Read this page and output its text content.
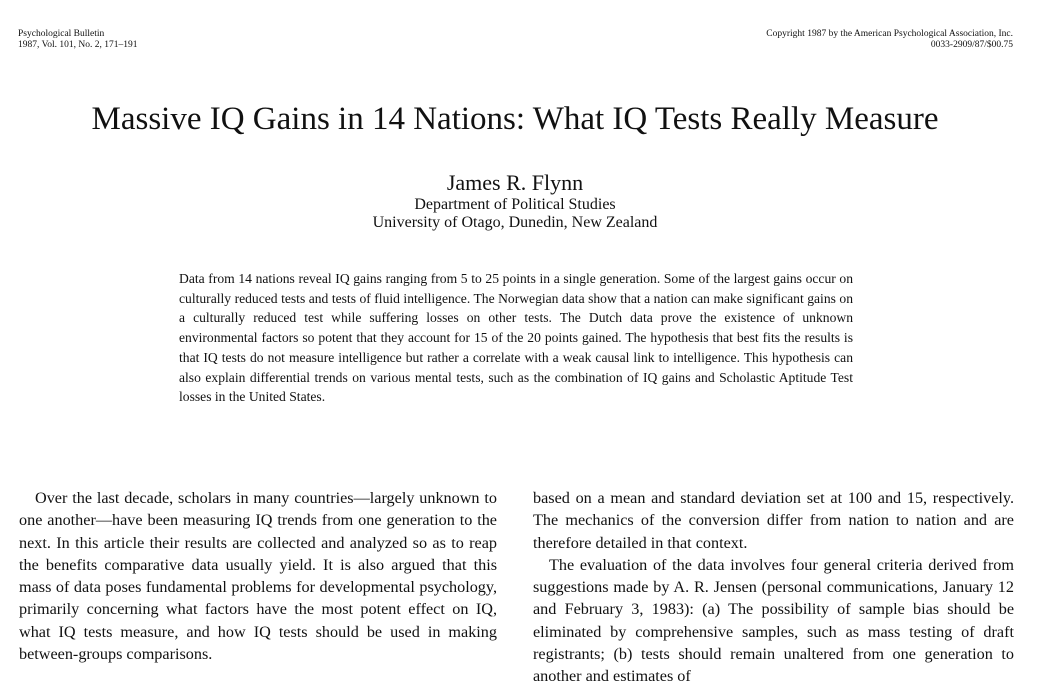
Psychological Bulletin
1987, Vol. 101, No. 2, 171–191
Copyright 1987 by the American Psychological Association, Inc.
0033-2909/87/$00.75
Massive IQ Gains in 14 Nations: What IQ Tests Really Measure
James R. Flynn
Department of Political Studies
University of Otago, Dunedin, New Zealand

Data from 14 nations reveal IQ gains ranging from 5 to 25 points in a single generation. Some of the largest gains occur on culturally reduced tests and tests of fluid intelligence. The Norwegian data show that a nation can make significant gains on a culturally reduced test while suffering losses on other tests. The Dutch data prove the existence of unknown environmental factors so potent that they account for 15 of the 20 points gained. The hypothesis that best fits the results is that IQ tests do not measure intelligence but rather a correlate with a weak causal link to intelligence. This hypothesis can also explain differential trends on various mental tests, such as the combination of IQ gains and Scholastic Aptitude Test losses in the United States.

Over the last decade, scholars in many countries—largely unknown to one another—have been measuring IQ trends from one generation to the next. In this article their results are collected and analyzed so as to reap the benefits comparative data usually yield. It is also argued that this mass of data poses fundamental problems for developmental psychology, primarily concerning what factors have the most potent effect on IQ, what IQ tests measure, and how IQ tests should be used in making between-groups comparisons.

based on a mean and standard deviation set at 100 and 15, respectively. The mechanics of the conversion differ from nation to nation and are therefore detailed in that context.

The evaluation of the data involves four general criteria derived from suggestions made by A. R. Jensen (personal communications, January 12 and February 3, 1983): (a) The possibility of sample bias should be eliminated by comprehensive samples, such as mass testing of draft registrants; (b) tests should remain unaltered from one generation to another and estimates of
